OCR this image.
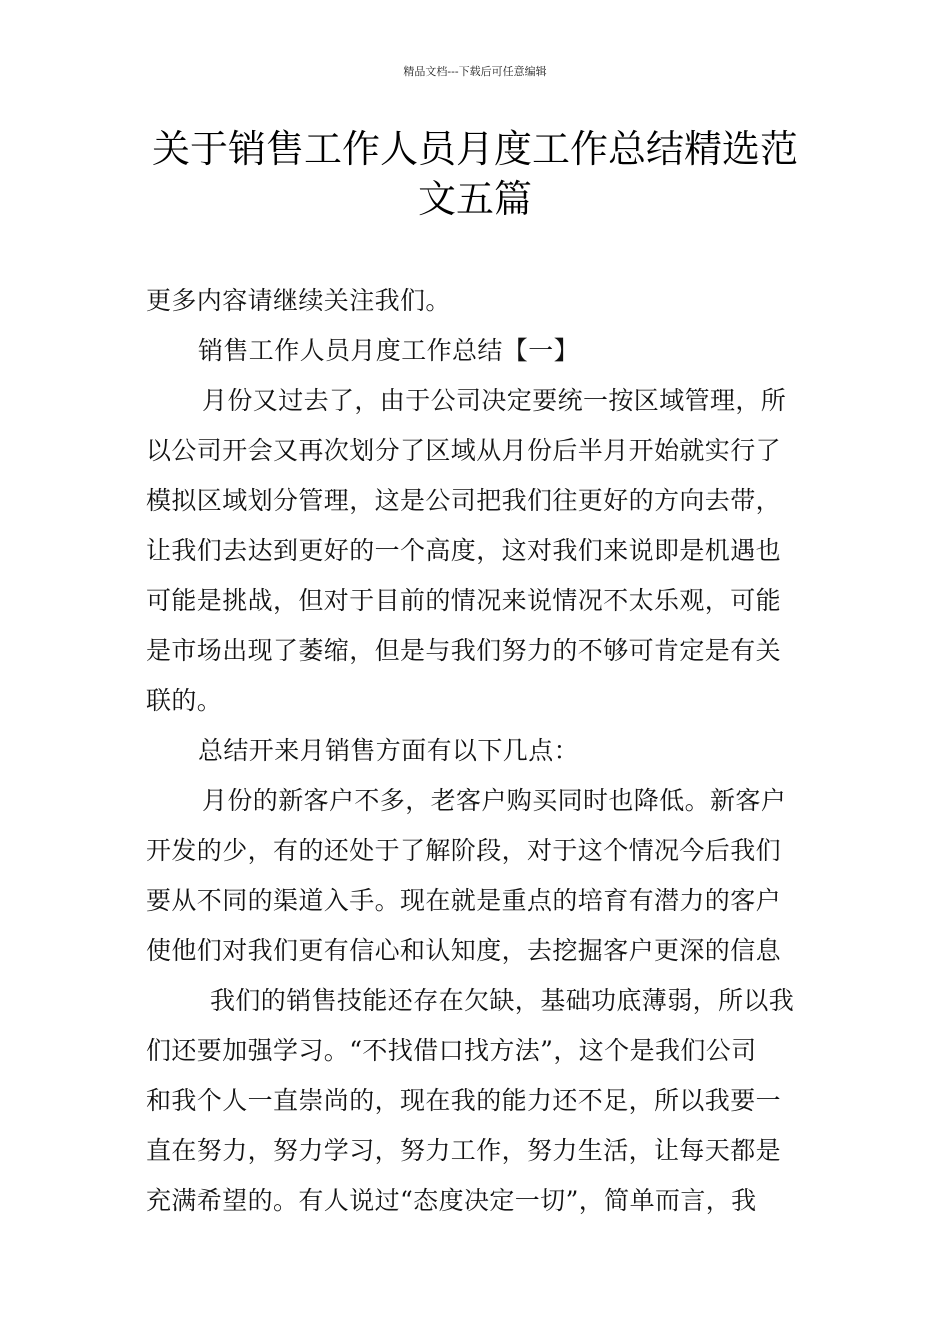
精品文档---下载后可任意编辑
关于销售工作人员月度工作总结精选范
文五篇
更多内容请继续关注我们。
销售工作人员月度工作总结【一】
月份又过去了，由于公司决定要统一按区域管理，所
以公司开会又再次划分了区域从月份后半月开始就实行了
模拟区域划分管理，这是公司把我们往更好的方向去带，
让我们去达到更好的一个高度，这对我们来说即是机遇也
可能是挑战，但对于目前的情况来说情况不太乐观，可能
是市场出现了萎缩，但是与我们努力的不够可肯定是有关
联的。
总结开来月销售方面有以下几点：
月份的新客户不多，老客户购买同时也降低。新客户
开发的少，有的还处于了解阶段，对于这个情况今后我们
要从不同的渠道入手。现在就是重点的培育有潜力的客户
使他们对我们更有信心和认知度，去挖掘客户更深的信息
我们的销售技能还存在欠缺，基础功底薄弱，所以我
们还要加强学习。“不找借口找方法”，这个是我们公司
和我个人一直崇尚的，现在我的能力还不足，所以我要一
直在努力，努力学习，努力工作，努力生活，让每天都是
充满希望的。有人说过“态度决定一切”，简单而言，我
